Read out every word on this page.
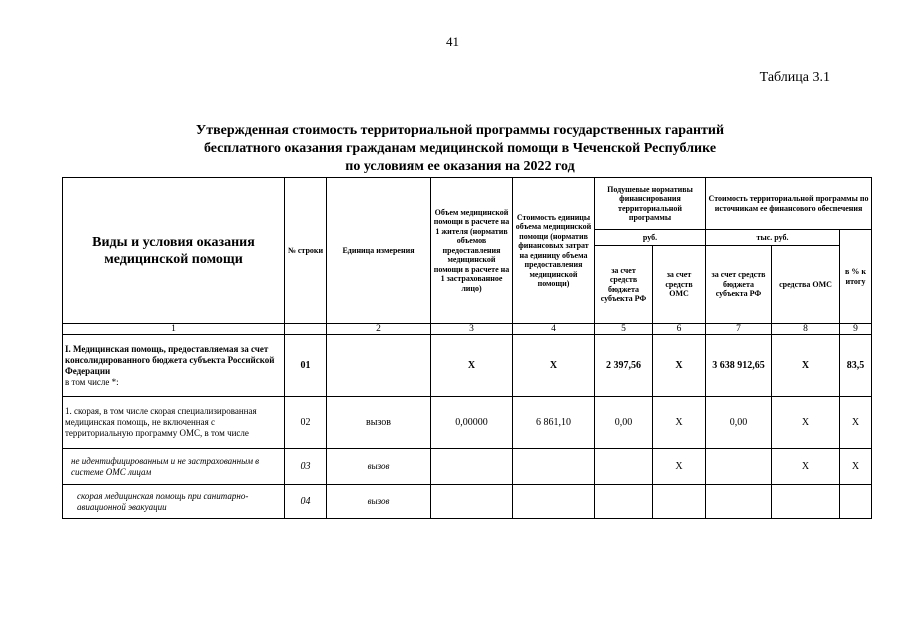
41
Таблица 3.1
Утвержденная стоимость территориальной программы государственных гарантий
бесплатного оказания гражданам медицинской помощи в Чеченской Республике
по условиям ее оказания на 2022 год
Виды и условия оказания медицинской помощи	№ строки	Единица измерения	Объем медицинской помощи в расчете на 1 жителя (норматив объемов предоставления медицинской помощи в расчете на 1 застрахованное лицо)	Стоимость единицы объема медицинской помощи (норматив финансовых затрат на единицу объема предоставления медицинской помощи)	Подушевые нормативы финансирования территориальной программы		Стоимость территориальной программы по источникам ее финансового обеспечения		
					руб.		тыс. руб.		в % к итогу
					за счет средств бюджета субъекта РФ	за счет средств ОМС	за счет средств бюджета субъекта РФ	средства ОМС	
1		2	3	4	5	6	7	8	9

I. Медицинская помощь, предоставляемая за счет консолидированного бюджета субъекта Российской Федерации
в том числе *:	01		X	X	2 397,56	X	3 638 912,65	X	83,5
1. скорая, в том числе скорая специализированная медицинская помощь, не включенная с территориальную программу ОМС, в том числе	02	вызов	0,00000	6 861,10	0,00	X	0,00	X	X
не идентифицированным и не застрахованным в системе ОМС лицам	03	вызов				X		X	X
скорая медицинская помощь при санитарно-авиационной эвакуации	04	вызов							
